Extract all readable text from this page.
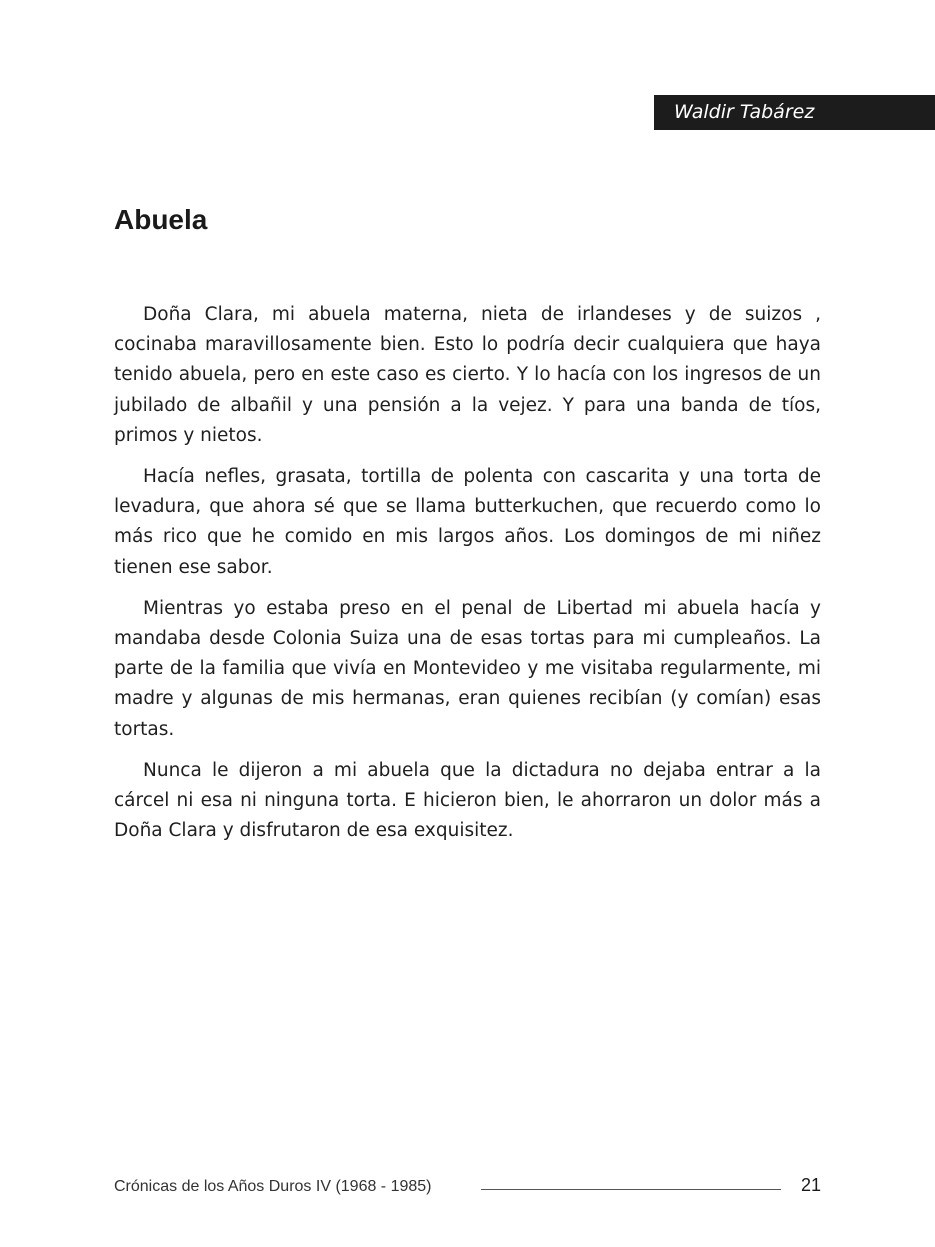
Waldir Tabárez
Abuela

Doña Clara, mi abuela materna, nieta de irlandeses y de suizos , cocinaba maravillosamente bien. Esto lo podría decir cualquiera que haya tenido abuela, pero en este caso es cierto. Y lo hacía con los ingresos de un jubilado de albañil y una pensión a la vejez. Y para una banda de tíos, primos y nietos.

Hacía nefles, grasata, tortilla de polenta con cascarita y una torta de levadura, que ahora sé que se llama butterkuchen, que recuerdo como lo más rico que he comido en mis largos años. Los domingos de mi niñez tienen ese sabor.

Mientras yo estaba preso en el penal de Libertad mi abuela hacía y mandaba desde Colonia Suiza una de esas tortas para mi cumpleaños. La parte de la familia que vivía en Montevideo y me visitaba regularmente, mi madre y algunas de mis hermanas, eran quienes recibían (y comían) esas tortas.

Nunca le dijeron a mi abuela que la dictadura no dejaba entrar a la cárcel ni esa ni ninguna torta. E hicieron bien, le ahorraron un dolor más a Doña Clara y disfrutaron de esa exquisitez.

Crónicas de los Años Duros IV (1968 - 1985)	21
